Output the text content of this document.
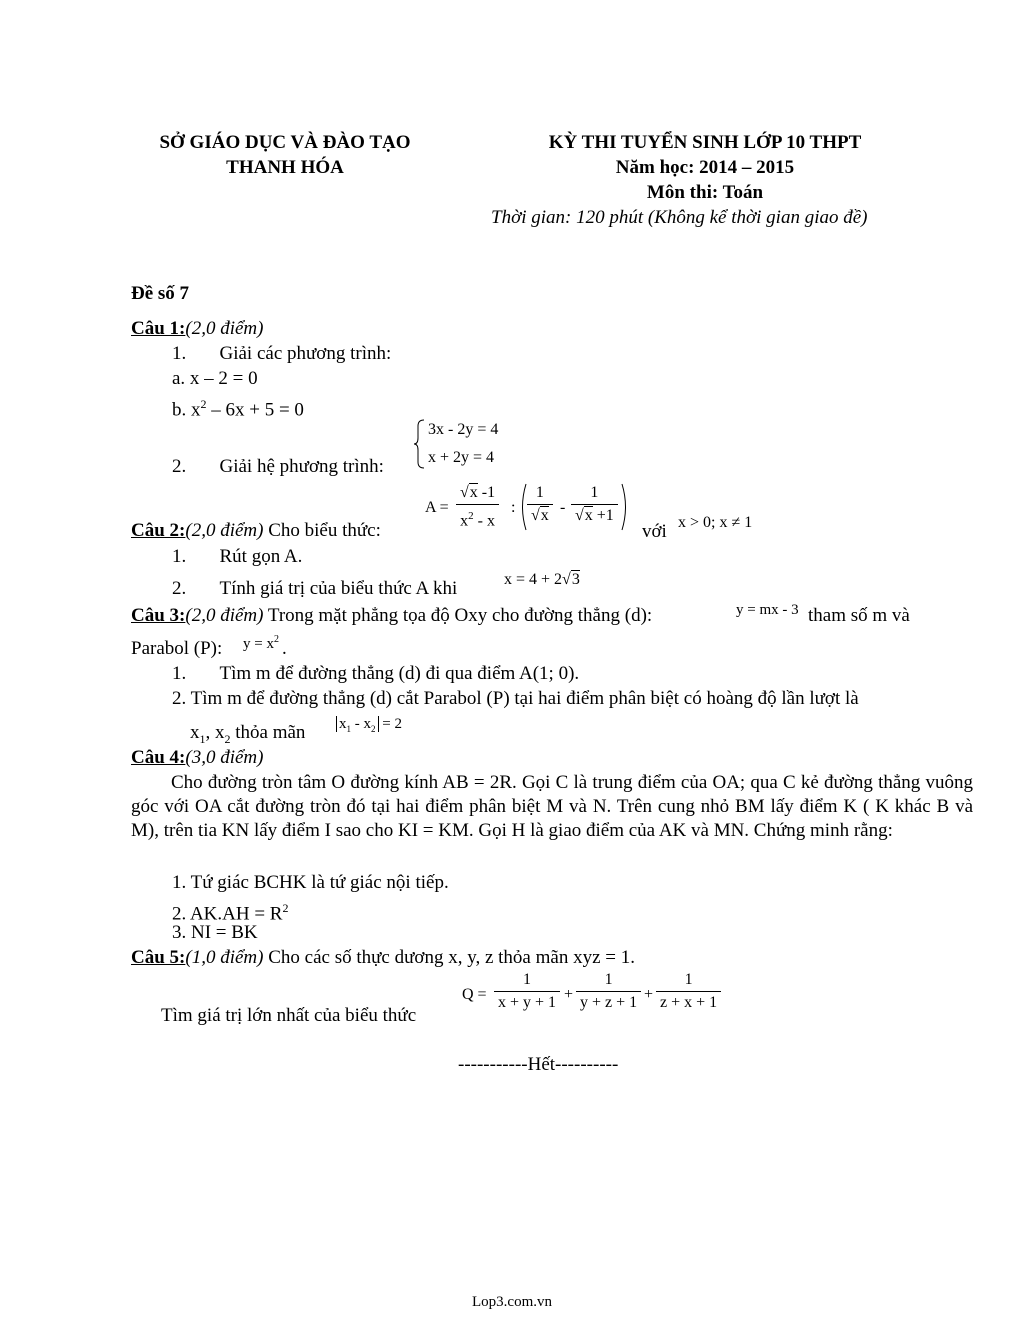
SỞ GIÁO DỤC VÀ ĐÀO TẠO
THANH HÓA
KỲ THI TUYỂN SINH LỚP 10 THPT
Năm học: 2014 – 2015
Môn thi: Toán
Thời gian: 120 phút (Không kể thời gian giao đề)
Đề số 7
Câu 1:(2,0 điểm)
1.       Giải các phương trình:
a. x – 2 = 0
b. $x^2 - 6x + 5 = 0$
3x - 2y = 4
x + 2y = 4
2.       Giải hệ phương trình:
$A = \frac{√x -1}{x^2 - x}$ : $\frac{1}{√x} - \frac{1}{√x +1}$
Câu 2:(2,0 điểm) Cho biểu thức:	với x > 0; x ≠ 1
1.       Rút gọn A.
2.       Tính giá trị của biểu thức A khi	x = 4 + 2√3
Câu 3:(2,0 điểm) Trong mặt phẳng tọa độ Oxy cho đường thẳng (d):	y = mx - 3 tham số m và
Parabol (P): $y = x^2$ .
1.       Tìm m để đường thẳng (d) đi qua điểm A(1; 0).
2. Tìm m để đường thẳng (d) cắt Parabol (P) tại hai điểm phân biệt có hoàng độ lần lượt là
$x_1$, $x_2$ thỏa mãn $x_1 - x_2 = 2$
Câu 4:(3,0 điểm)
Cho đường tròn tâm O đường kính AB = 2R. Gọi C là trung điểm của OA; qua C kẻ đường thẳng vuông góc với OA cắt đường tròn đó tại hai điểm phân biệt M và N. Trên cung nhỏ BM lấy điểm K ( K khác B và M), trên tia KN lấy điểm I sao cho KI = KM. Gọi H là giao điểm của AK và MN. Chứng minh rằng:
1. Tứ giác BCHK là tứ giác nội tiếp.
2. $AK.AH = R^2$
3. NI = BK
Câu 5:(1,0 điểm) Cho các số thực dương x, y, z thỏa mãn xyz = 1.
Tìm giá trị lớn nhất của biểu thức
$Q = \frac{1}{x + y + 1} + \frac{1}{y + z + 1} + \frac{1}{z + x + 1}$
-----------Hết----------
Lop3.com.vn
